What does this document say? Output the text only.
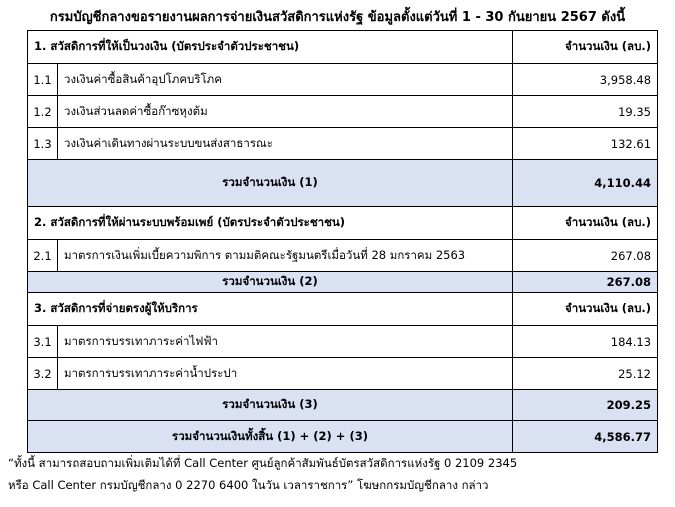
กรมบัญชีกลางขอรายงานผลการจ่ายเงินสวัสดิการแห่งรัฐ ข้อมูลตั้งแต่วันที่ 1 - 30 กันยายน 2567 ดังนี้
1. สวัสดิการที่ให้เป็นวงเงิน (บัตรประจำตัวประชาชน)		จำนวนเงิน (ลบ.)
1.1	วงเงินค่าซื้อสินค้าอุปโภคบริโภค	3,958.48
1.2	วงเงินส่วนลดค่าซื้อก๊าซหุงต้ม	19.35
1.3	วงเงินค่าเดินทางผ่านระบบขนส่งสาธารณะ	132.61
รวมจำนวนเงิน (1)		4,110.44
2. สวัสดิการที่ให้ผ่านระบบพร้อมเพย์ (บัตรประจำตัวประชาชน)		จำนวนเงิน (ลบ.)
2.1	มาตรการเงินเพิ่มเบี้ยความพิการ ตามมติคณะรัฐมนตรีเมื่อวันที่ 28 มกราคม 2563	267.08
รวมจำนวนเงิน (2)		267.08
3. สวัสดิการที่จ่ายตรงผู้ให้บริการ		จำนวนเงิน (ลบ.)
3.1	มาตรการบรรเทาภาระค่าไฟฟ้า	184.13
3.2	มาตรการบรรเทาภาระค่าน้ำประปา	25.12
รวมจำนวนเงิน (3)		209.25
รวมจำนวนเงินทั้งสิ้น (1) + (2) + (3)		4,586.77
“ทั้งนี้ สามารถสอบถามเพิ่มเติมได้ที่ Call Center ศูนย์ลูกค้าสัมพันธ์บัตรสวัสดิการแห่งรัฐ 0 2109 2345
หรือ Call Center กรมบัญชีกลาง 0 2270 6400 ในวัน เวลาราชการ” โฆษกกรมบัญชีกลาง กล่าว
